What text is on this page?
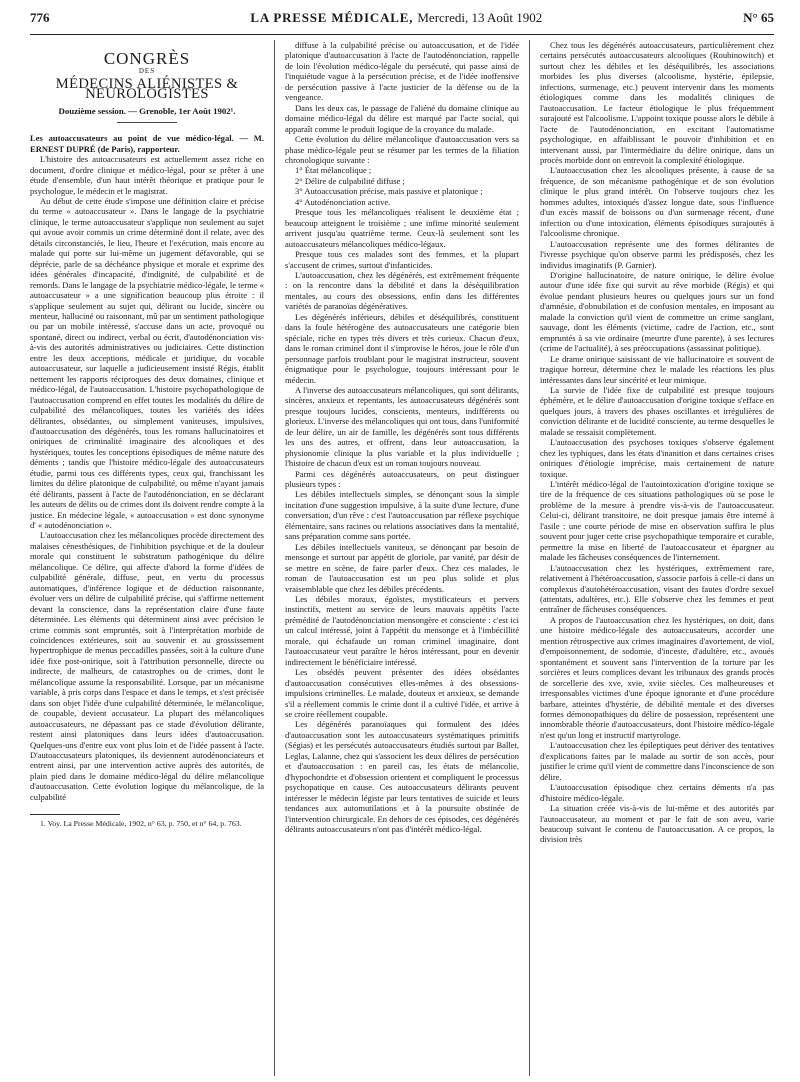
776	LA PRESSE MÉDICALE, Mercredi, 13 Août 1902	N° 65
CONGRÈS
DES
MÉDECINS ALIÉNISTES & NEUROLOGISTES
Douzième session. — Grenoble, 1er Août 1902¹.

Les autoaccusateurs au point de vue médico-légal. — M. ERNEST DUPRÉ (de Paris), rapporteur.

L'histoire des autoaccusateurs est actuellement assez riche en document, d'ordre clinique et médico-légal, pour se prêter à une étude d'ensemble, d'un haut intérêt théorique et pratique pour le psychologue, le médecin et le magistrat.

Au début de cette étude s'impose une définition claire et précise du terme « autoaccusateur ». Dans le langage de la psychiatrie clinique, le terme autoaccusateur s'applique non seulement au sujet qui avoue avoir commis un crime déterminé dont il relate, avec des détails circonstanciés, le lieu, l'heure et l'exécution, mais encore au malade qui porte sur lui-même un jugement défavorable, qui se déprécie, parle de sa déchéance physique et morale et exprime des idées générales d'incapacité, d'indignité, de culpabilité et de remords. Dans le langage de la psychiatrie médico-légale, le terme « autoaccusateur » a une signification beaucoup plus étroite : il s'applique seulement au sujet qui, délirant ou lucide, sincère ou menteur, halluciné ou raisonnant, mû par un sentiment pathologique ou par un mobile intéressé, s'accuse dans un acte, provoqué ou spontané, direct ou indirect, verbal ou écrit, d'autodénonciation vis-à-vis des autorités administratives ou judiciaires. Cette distinction entre les deux acceptions, médicale et juridique, du vocable autoaccusateur, sur laquelle a judicieusement insisté Régis, établit nettement les rapports réciproques des deux domaines, clinique et médico-légal, de l'autoaccusation. L'histoire psychopathologique de l'autoaccusation comprend en effet toutes les modalités du délire de culpabilité des mélancoliques, toutes les variétés des idées délirantes, obsédantes, ou simplement vaniteuses, impulsives, d'autoaccusation des dégénérés, tous les romans hallucinatoires et oniriques de criminalité imaginaire des alcooliques et des hystériques, toutes les conceptions épisodiques de même nature des déments ; tandis que l'histoire médico-légale des autoaccusateurs étudie, parmi tous ces différents types, ceux qui, franchissant les limites du délire platonique de culpabilité, ou même n'ayant jamais été délirants, passent à l'acte de l'autodénonciation, en se déclarant les auteurs de délits ou de crimes dont ils doivent rendre compte à la justice. En médecine légale, « autoaccusation » est donc synonyme d' « autodénonciation ».

L'autoaccusation chez les mélancoliques procède directement des malaises cénesthésiques, de l'inhibition psychique et de la douleur morale qui constituent le substratum pathogénique du délire mélancolique. Ce délire, qui affecte d'abord la forme d'idées de culpabilité générale, diffuse, peut, en vertu du processus automatiques, d'inférence logique et de déduction raisonnante, évoluer vers un délire de culpabilité précise, qui s'affirme nettement devant la conscience, dans la représentation claire d'une faute déterminée. Les éléments qui déterminent ainsi avec précision le crime commis sont empruntés, soit à l'interprétation morbide de coïncidences extérieures, soit au souvenir et au grossissement hypertrophique de menus peccadilles passées, soit à la culture d'une idée fixe post-onirique, soit à l'attribution personnelle, directe ou indirecte, de malheurs, de catastrophes ou de crimes, dont le mélancolique assume la responsabilité. Lorsque, par un mécanisme variable, à pris corps dans l'espace et dans le temps, et s'est précisée dans son objet l'idée d'une culpabilité déterminée, le mélancolique, de coupable, devient accusateur. La plupart des mélancoliques autoaccusateurs, ne dépassant pas ce stade d'évolution délirante, restent ainsi platoniques dans leurs idées d'autoaccusation. Quelques-uns d'entre eux vont plus loin et de l'idée passent à l'acte. D'autoaccusateurs platoniques, ils deviennent autodénonciateurs et entrent ainsi, par une intervention active auprès des autorités, de plain pied dans le domaine médico-légal du délire mélancolique d'autoaccusation. Cette évolution logique du mélancolique, de la culpabilité

1. Voy. La Presse Médicale, 1902, n° 63, p. 750, et n° 64, p. 763.

diffuse à la culpabilité précise ou autoaccusation, et de l'idée platonique d'autoaccusation à l'acte de l'autodénonciation, rappelle de loin l'évolution médico-légale du persécuté, qui passe ainsi de l'inquiétude vague à la persécution précise, et de l'idée inoffensive de persécution passive à l'acte justicier de la défense ou de la vengeance.

Dans les deux cas, le passage de l'aliéné du domaine clinique au domaine médico-légal du délire est marqué par l'acte social, qui apparaît comme le produit logique de la croyance du malade.

Cette évolution du délire mélancolique d'autoaccusation vers sa phase médico-légale peut se résumer par les termes de la filiation chronologique suivante :

1° État mélancolique ;

2° Délire de culpabilité diffuse ;

3° Autoaccusation précise, mais passive et platonique ;

4° Autodénonciation active.

Presque tous les mélancoliques réalisent le deuxième état ; beaucoup atteignent le troisième ; une infime minorité seulement arrivent jusqu'au quatrième terme. Ceux-là seulement sont les autoaccusateurs mélancoliques médico-légaux.

Presque tous ces malades sont des femmes, et la plupart s'accusent de crimes, surtout d'infanticides.

L'autoaccusation, chez les dégénérés, est extrêmement fréquente : on la rencontre dans la débilité et dans la déséquilibration mentales, au cours des obsessions, enfin dans les différentes variétés de paranoïas dégénératives.

Les dégénérés inférieurs, débiles et déséquilibrés, constituent dans la foule hétérogène des autoaccusateurs une catégorie bien spéciale, riche en types très divers et très curieux. Chacun d'eux, dans le roman criminel dont il s'improvise le héros, joue le rôle d'un personnage parfois troublant pour le magistrat instructeur, souvent énigmatique pour le psychologue, toujours intéressant pour le médecin.

A l'inverse des autoaccusateurs mélancoliques, qui sont délirants, sincères, anxieux et repentants, les autoaccusateurs dégénérés sont presque toujours lucides, conscients, menteurs, indifférents ou glorieux. L'inverse des mélancoliques qui ont tous, dans l'uniformité de leur délire, un air de famille, les dégénérés sont tous différents les uns des autres, et offrent, dans leur autoaccusation, la physionomie clinique la plus variable et la plus individuelle ; l'histoire de chacun d'eux est un roman toujours nouveau.

Parmi ces dégénérés autoaccusateurs, on peut distinguer plusieurs types :

Les débiles intellectuels simples, se dénonçant sous la simple incitation d'une suggestion impulsive, à la suite d'une lecture, d'une conversation, d'un rêve : c'est l'autoaccusation par réflexe psychique élémentaire, sans racines ou relations associatives dans la mentalité, sans préparation comme sans portée.

Les débiles intellectuels vaniteux, se dénonçant par besoin de mensonge et surtout par appétit de gloriole, par vanité, par désir de se mettre en scène, de faire parler d'eux. Chez ces malades, le roman de l'autoaccusation est un peu plus solide et plus vraisemblable que chez les débiles précédents.

Les débiles moraux, égoïstes, mystificateurs et pervers instinctifs, mettent au service de leurs mauvais appétits l'acte prémédité de l'autodénonciation mensongère et consciente : c'est ici un calcul intéressé, joint à l'appétit du mensonge et à l'imbécillité morale, qui échafaude un roman criminel imaginaire, dont l'autoaccusateur veut paraître le héros intéressant, pour en devenir indirectement le bénéficiaire intéressé.

Les obsédés peuvent présenter des idées obsédantes d'autoaccusation consécutives elles-mêmes à des obsessions-impulsions criminelles. Le malade, douteux et anxieux, se demande s'il a réellement commis le crime dont il a cultivé l'idée, et arrive à se croire réellement coupable.

Les dégénérés paranoïaques qui formulent des idées d'autoaccusation sont les autoaccusateurs systématiques primitifs (Ségias) et les persécutés autoaccusateurs étudiés surtout par Ballet, Leglas, Lalanne, chez qui s'associent les deux délires de persécution et d'autoaccusation : en pareil cas, les états de mélancolie, d'hypochondrie et d'obsession orientent et compliquent le processus psychopatique en cause. Ces autoaccusateurs délirants peuvent intéresser le médecin légiste par leurs tentatives de suicide et leurs tendances aux automutilations et à la poursuite obstinée de l'intervention chirurgicale. En dehors de ces épisodes, ces dégénérés délirants autoaccusateurs n'ont pas d'intérêt médico-légal.

Chez tous les dégénérés autoaccusateurs, particulièrement chez certains persécutés autoaccusateurs alcooliques (Roubinowitch) et surtout chez les débiles et les déséquilibrés, les associations morbides les plus diverses (alcoolisme, hystérie, épilepsie, infections, surmenage, etc.) peuvent intervenir dans les moments étiologiques comme dans les modalités cliniques de l'autoaccusation. Le facteur étiologique le plus fréquemment surajouté est l'alcoolisme. L'appoint toxique pousse alors le débile à l'acte de l'autodénonciation, en excitant l'automatisme psychologique, en affaiblissant le pouvoir d'inhibition et en intervenant aussi, par l'intermédiaire du délire onirique, dans un procès morbide dont on entrevoit la complexité étiologique.

L'autoaccusation chez les alcooliques présente, à cause de sa fréquence, de son mécanisme pathogénique et de son évolution clinique le plus grand intérêt. On l'observe toujours chez les hommes adultes, intoxiqués d'assez longue date, sous l'influence d'un excès massif de boissons ou d'un surmenage récent, d'une infection ou d'une intoxication, éléments épisodiques surajoutés à l'alcoolisme chronique.

L'autoaccusation représente une des formes délirantes de l'ivresse psychique qu'on observe parmi les prédisposés, chez les individus imaginatifs (P. Garnier).

D'origine hallucinatoire, de nature onirique, le délire évolue autour d'une idée fixe qui survit au rêve morbide (Régis) et qui évolue pendant plusieurs heures ou quelques jours sur un fond d'amnésie, d'obnubilation et de confusion mentales, en imposant au malade la conviction qu'il vient de commettre un crime sanglant, sauvage, dont les éléments (victime, cadre de l'action, etc., sont empruntés à sa vie ordinaire (meurtre d'une parente), à ses lectures (crime de l'actualité), à ses préoccupations (assassinat politique).

Le drame onirique saisissant de vie hallucinatoire et souvent de tragique horreur, détermine chez le malade les réactions les plus intéressantes dans leur sincérité et leur mimique.

La survie de l'idée fixe de culpabilité est presque toujours éphémère, et le délire d'autoaccusation d'origine toxique s'efface en quelques jours, à travers des phases oscillantes et irrégulières de conviction délirante et de lucidité consciente, au terme desquelles le malade se ressaisit complètement.

L'autoaccusation des psychoses toxiques s'observe également chez les typhiques, dans les états d'inanition et dans certaines crises oniriques d'étiologie imprécise, mais certainement de nature toxique.

L'intérêt médico-légal de l'autointoxication d'origine toxique se tire de la fréquence de ces situations pathologiques où se pose le problème de la mesure à prendre vis-à-vis de l'autoaccusateur. Celui-ci, délirant transitoire, ne doit presque jamais être interné à l'asile : une courte période de mise en observation suffira le plus souvent pour juger cette crise psychopathique temporaire et curable, permettre la mise en liberté de l'autoaccusateur et épargner au malade les fâcheuses conséquences de l'internement.

L'autoaccusation chez les hystériques, extrêmement rare, relativement à l'hétéroaccusation, s'associe parfois à celle-ci dans un complexus d'autohétéroaccusation, visant des fautes d'ordre sexuel (attentats, adultères, etc.). Elle s'observe chez les femmes et peut entraîner de fâcheuses conséquences.

A propos de l'autoaccusation chez les hystériques, on doit, dans une histoire médico-légale des autoaccusateurs, accorder une mention rétrospective aux crimes imaginaires d'avortement, de viol, d'empoisonnement, de sodomie, d'inceste, d'adultère, etc., avoués spontanément et souvent sans l'intervention de la torture par les sorcières et leurs complices devant les tribunaux des grands procès de sorcellerie des xve, xvie, xviie siècles. Ces malheureuses et irresponsables victimes d'une époque ignorante et d'une procédure barbare, atteintes d'hystérie, de débilité mentale et des diverses formes démonopathiques du délire de possession, représentent une innombrable théorie d'autoaccusateurs, dont l'histoire médico-légale n'est qu'un long et instructif martyrologe.

L'autoaccusation chez les épileptiques peut dériver des tentatives d'explications faites par le malade au sortir de son accès, pour justifier le crime qu'il vient de commettre dans l'inconscience de son délire.

L'autoaccusation épisodique chez certains déments n'a pas d'histoire médico-légale.

La situation créée vis-à-vis de lui-même et des autorités par l'autoaccusateur, au moment et par le fait de son aveu, varie beaucoup suivant le contenu de l'autoaccusation. A ce propos, la division très
